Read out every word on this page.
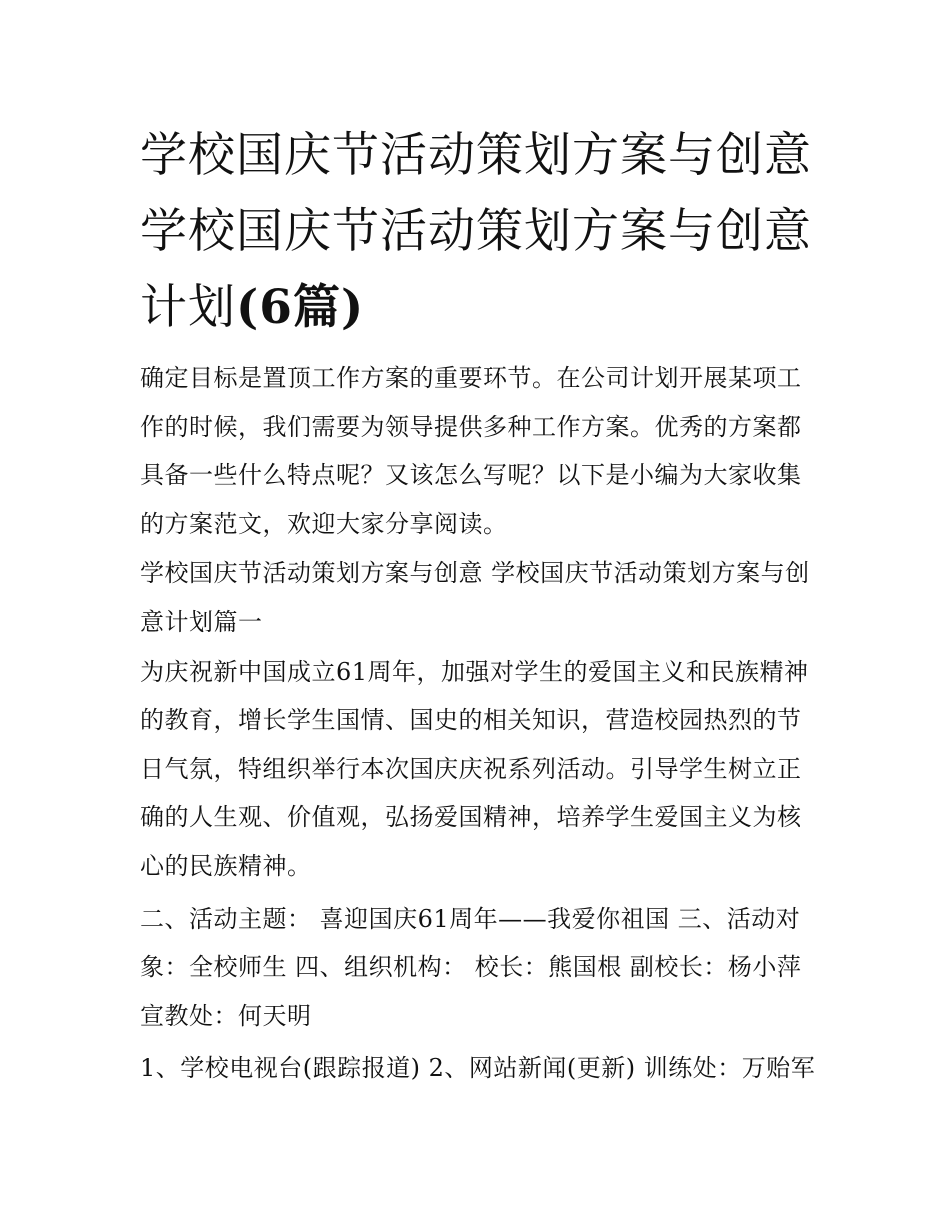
学校国庆节活动策划方案与创意 学校国庆节活动策划方案与创意计划(6篇)

确定目标是置顶工作方案的重要环节。在公司计划开展某项工作的时候，我们需要为领导提供多种工作方案。优秀的方案都具备一些什么特点呢？又该怎么写呢？以下是小编为大家收集的方案范文，欢迎大家分享阅读。

学校国庆节活动策划方案与创意 学校国庆节活动策划方案与创意计划篇一

为庆祝新中国成立61周年，加强对学生的爱国主义和民族精神的教育，增长学生国情、国史的相关知识，营造校园热烈的节日气氛，特组织举行本次国庆庆祝系列活动。引导学生树立正确的人生观、价值观，弘扬爱国精神，培养学生爱国主义为核心的民族精神。

二、活动主题： 喜迎国庆61周年——我爱你祖国 三、活动对象：全校师生 四、组织机构： 校长：熊国根 副校长：杨小萍 宣教处：何天明

1、学校电视台(跟踪报道) 2、网站新闻(更新) 训练处：万贻军
